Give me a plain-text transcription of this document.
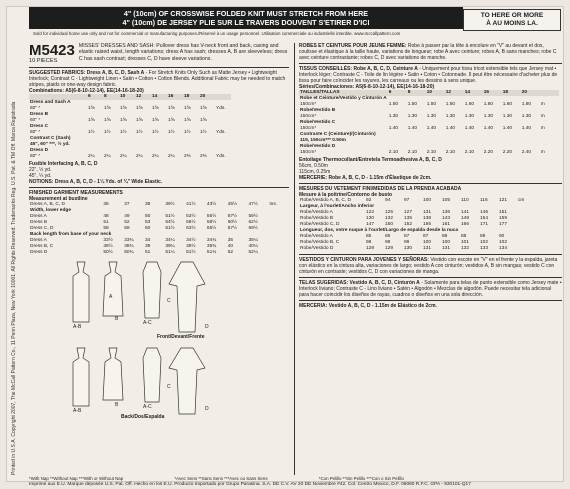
4" (10cm) OF CROSSWISE FOLDED KNIT MUST STRETCH FROM HERE
4" (10cm) DE JERSEY PLIE SUR LE TRAVERS DOUVENT S'ETIRER D'ICI
TO HERE OR MORE
À AU MOINS LA.
Sold for individual home use only and not for commercial or manufacturing purposes./Réservé à un usage personnel. Utilisation commerciale ou industrielle interdite. www.mccallpattern.com
Printed in U.S.A. Copyright 2007, The McCall Pattern Co., 11 Penn Plaza, New York 10001. All Rights Reserved. Trademarks Reg. U.S. Pat. & TM Off. Marca Registrada
M5423
10 PIECES
MISSES' DRESSES AND SASH: Pullover dress has V-neck front and back, casing and elastic raised waist, length variations; dress A has sash; dresses A, B are sleeveless; dress C has sash contrast; dresses C, D have sleeve variations.
SUGGESTED FABRICS: Dress A, B, C, D, Sash A - For Stretch Knits Only Such as Matte Jersey • Lightweight Interlock; Contrast C - Lightweight Linen • Satin • Cotton • Cotton Blends. Additional Fabric may be needed to match stripes, plaids or one-way design fabric.
Combinations: A5(6-8-10-12-14), EE(14-16-18-20)
	6	8	10	12	14	16	18	20	
Dress and Sash A									
60" *	1⅝	1⅝	1⅝	1⅝	1⅝	1⅝	1⅝	1⅝	Yds.
Dress B									
60" *	1⅝	1⅝	1⅝	1⅝	1⅝	1⅝	1⅝	1⅝	
Dress C									
60" *	1½	1½	1½	1½	1½	1½	1½	1½	Yds.
Contrast C (Sash)									
45", 60" ***, ½ yd.									
Dress D									
60" *	2¼	2¼	2¼	2¼	2¼	2¼	2⅜	2⅜	Yds.
Fusible Interfacing A, B, C, D
22", ½ yd.
45", ¼ yd.
NOTIONS: Dress A, B, C, D - 1¼ Yds. of ¾" Wide Elastic.
FINISHED GARMENT MEASUREMENTS
Measurement at bustline
Dress A, B, C, D	36	37	38	39½	41½	43½	45½	47½	Ins.
Width, lower edge									
Dress A	48	49	50	51½	53½	55½	57½	59½	
Dress B	51	52	53	54½	56½	58½	60½	62½	
Dress C, D	58	59	60	61½	63½	65½	67½	69½	
Back length from base of your neck									
Dress A	33½	33¾	34	34¼	34½	34¾	35	35¼	
Dress B, C	38½	38¾	39	39¼	39½	39¾	40	40¼	
Dress D	50½	50¾	51	51¼	51½	51¾	52	52¼	
A-B
B
A
A-C
C
D
Front/Devant/Frente
A-B
B	A-C
C
D
Back/Dos/Espalda
ROBES ET CEINTURE POUR JEUNE FEMME: Robe à passer par la tête à encolure en "V" au devant et dos, coulisse et élastique à la taille haute, variations de longueur; robe A avec ceinture; robes A, B sans manches; robe C avec ceinture contrastante; robes C, D avec variations de manche.
TISSUS CONSEILLÉS: Robe A, B, C, D, Ceinture A - Uniquement pour tissu tricot extensible tels que Jersey mat • Interlock léger; Contraste C - Toile de lin légère • Satin • Coton • Cotonnade. Il peut être nécessaire d'acheter plus de tissu pour faire coïncider les rayures, les carreaux ou les dessins à sens unique.
Séries/Combinaciones: A5(6-8-10-12-14), EE(14-16-18-20)
TAILLES/TALLAS	6	8	10	12	14	16	18	20	
Robe et Ceinture/Vestido y Cinturón A									
150cm*	1.50	1.50	1.50	1.50	1.60	1.60	1.60	1.80	m
Robe/Vestido B									
150cm*	1.30	1.30	1.30	1.30	1.30	1.30	1.30	1.30	m
Robe/Vestido C									
150cm*	1.40	1.40	1.40	1.40	1.40	1.40	1.40	1.40	m
Contraste C (Ceinture)/(Cinturón)									
115, 150cm*** 0.50m									
Robe/Vestido D									
150cm*	2.10	2.10	2.10	2.10	2.10	2.20	2.20	2.40	m
Entoilage Thermocollant/Entretela Termoadhesiva A, B, C, D
56cm, 0.50m
115cm, 0.25m
MERCERIE: Robe A, B, C, D - 1.15m d'Élastique de 2cm.
MESURES DU VETEMENT FINI/MEDIDAS DE LA PRENDA ACABADA
Mesure à la poitrine/Contorno de busto
Robe/Vestido A, B, C, D	92	94	97	100	105	110	116	121	cm
Largeur, à l'ourlet/Ancho inferior									
Robe/Vestido A	122	125	127	131	136	141	146	151	
Robe/Vestido B	130	132	135	138	143	149	154	159	
Robe/Vestido C, D	147	150	152	156	161	166	171	177	
Longueur, dos, votre nuque à l'ourlet/Largo de espalda desde la nuca									
Robe/Vestido A	85	86	87	87	88	88	89	90	
Robe/Vestido B, C	98	98	99	100	100	101	102	102	
Robe/Vestido D	128	129	130	131	131	132	133	134	
VESTIDOS Y CINTURON PARA JOVENES Y SEÑORAS: Vestido con escote en "V" en el frente y la espalda, jareta con elástico en la cintura alta, variaciones de largo; vestido A con cinturón; vestidos A, B sin mangas; vestido C con cinturón en contraste; vestidos C, D con variaciones de manga.
TELAS SUGERIDAS: Vestido A, B, C, D, Cinturón A - Solamente para telas de punto extensible como Jersey mate • Interlock liviano; Contraste C - Lino liviano • Satén • Algodón • Mezclas de algodón. Puede necesitar tela adicional para hacer coincidir los diseños de rayas, cuadros o diseños en una sola dirección.
MERCERIA: Vestido A, B, C, D - 1.15m de Elástico de 2cm.
*With Nap **Without Nap ***With or Without Nap	*Avec Sens **Sans Sens ***Avec ou Sans Sens	*Con Pelillo **Sin Pelillo ***Con o Sin Pelillo
Imprimé aux E.U. Marque déposée U.S. Pat. Off. Hecho en los E.U. Producto Importado por Grupo Parasina. S.A. DE C.V. AV 20 DE Noviembre #42. Col. Centro Mexico, D.F. 06060 R.F.C. GPA - 930101-Q17
